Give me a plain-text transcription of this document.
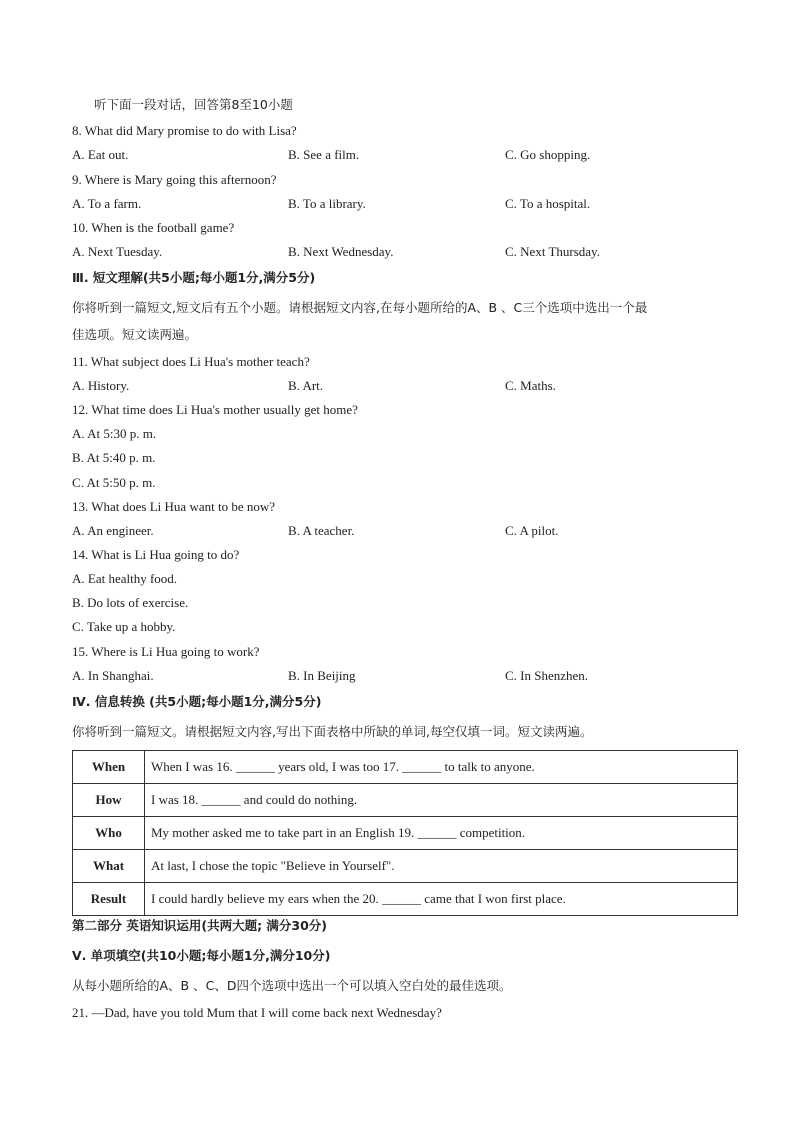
听下面一段对话，回答第8至10小题
8. What did Mary promise to do with Lisa?
A. Eat out.	B. See a film.	C. Go shopping.
9. Where is Mary going this afternoon?
A. To a farm.	B. To a library.	C. To a hospital.
10. When is the football game?
A. Next Tuesday.	B. Next Wednesday.	C. Next Thursday.
Ⅲ. 短文理解(共5小题;每小题1分,满分5分)
你将听到一篇短文,短文后有五个小题。请根据短文内容,在每小题所给的A、B 、C三个选项中选出一个最
佳选项。短文读两遍。
11. What subject does Li Hua's mother teach?
A. History.	B. Art.	C. Maths.
12. What time does Li Hua's mother usually get home?
A. At 5:30 p. m.
B. At 5:40 p. m.
C. At 5:50 p. m.
13. What does Li Hua want to be now?
A. An engineer.	B. A teacher.	C. A pilot.
14. What is Li Hua going to do?
A. Eat healthy food.
B. Do lots of exercise.
C. Take up a hobby.
15. Where is Li Hua going to work?
A. In Shanghai.	B. In Beijing	C. In Shenzhen.
Ⅳ. 信息转换 (共5小题;每小题1分,满分5分)
你将听到一篇短文。请根据短文内容,写出下面表格中所缺的单词,每空仅填一词。短文读两遍。
When	When I was 16. ______ years old, I was too 17. ______ to talk to anyone.
How	I was 18. ______ and could do nothing.
Who	My mother asked me to take part in an English 19. ______ competition.
What	At last, I chose the topic "Believe in Yourself".
Result	I could hardly believe my ears when the 20. ______ came that I won first place.
第二部分 英语知识运用(共两大题; 满分30分)
Ⅴ. 单项填空(共10小题;每小题1分,满分10分)
从每小题所给的A、B 、C、D四个选项中选出一个可以填入空白处的最佳选项。
21. —Dad, have you told Mum that I will come back next Wednesday?
